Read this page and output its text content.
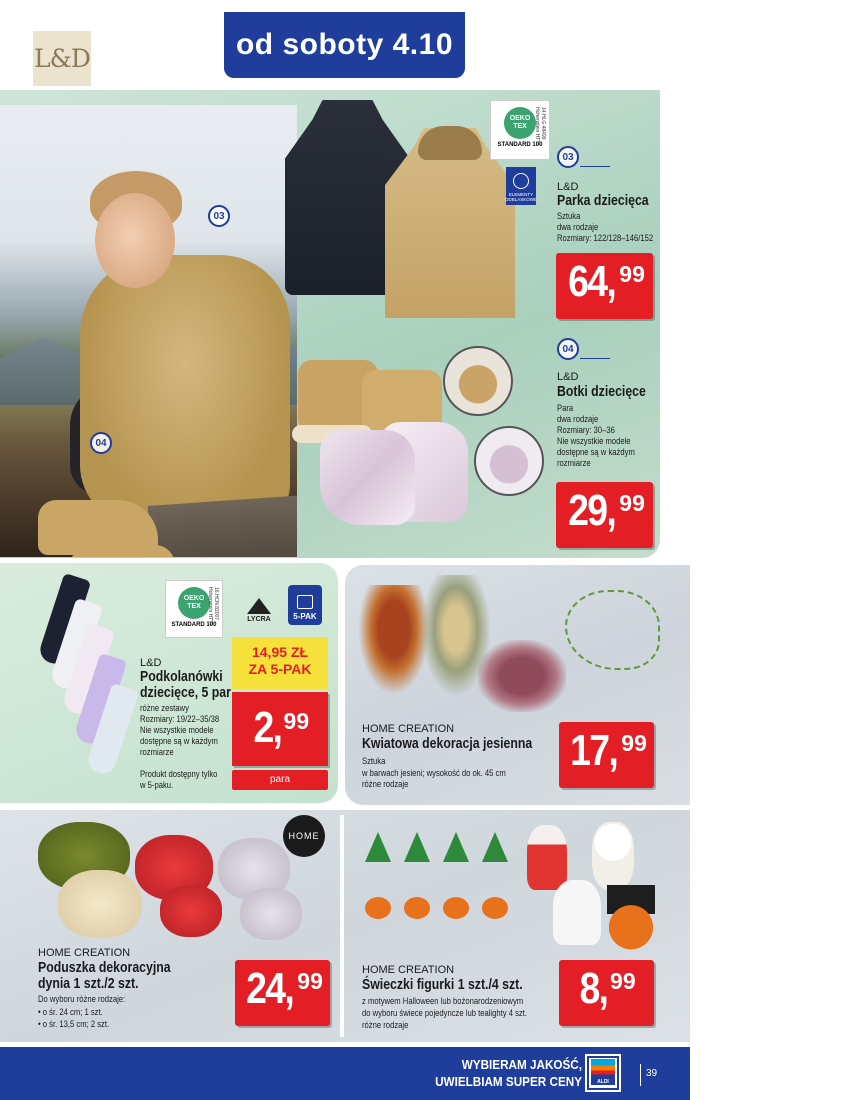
L&D	od soboty 4.10
03
04
OEKO TEX
STANDARD 100
14.HLG.48499 Hohenstein HTTI
ELEMENTY ODBLASKOWE
03
L&D
Parka dziecięca
Sztuka
dwa rodzaje
Rozmiary: 122/128–146/152
64, 99
04
L&D
Botki dziecięce
Para
dwa rodzaje
Rozmiary: 30–36
Nie wszystkie modele
dostępne są w każdym
rozmiarze
29, 99
OEKO TEX
STANDARD 100
16.HCN.82007 Hohenstein HTTI	LYCRA	5-PAK
L&D
Podkolanówki
dziecięce, 5 par
różne zestawy
Rozmiary: 19/22–35/38
Nie wszystkie modele
dostępne są w każdym
rozmiarze
Produkt dostępny tylko
w 5-paku.
14,95 ZŁ
ZA 5-PAK
2, 99
para
HOME CREATION
Kwiatowa dekoracja jesienna
Sztuka
w barwach jesieni; wysokość do ok. 45 cm
różne rodzaje
17, 99
HOME
HOME CREATION
Poduszka dekoracyjna
dynia 1 szt./2 szt.
Do wyboru różne rodzaje:
• o śr. 24 cm; 1 szt.
• o śr. 13,5 cm; 2 szt.
24, 99	HOME CREATION
Świeczki figurki 1 szt./4 szt.
z motywem Halloween lub bożonarodzeniowym
do wyboru świece pojedyncze lub tealighty 4 szt.
różne rodzaje
8, 99
WYBIERAM JAKOŚĆ,
UWIELBIAM SUPER CENY	ALDI
39
